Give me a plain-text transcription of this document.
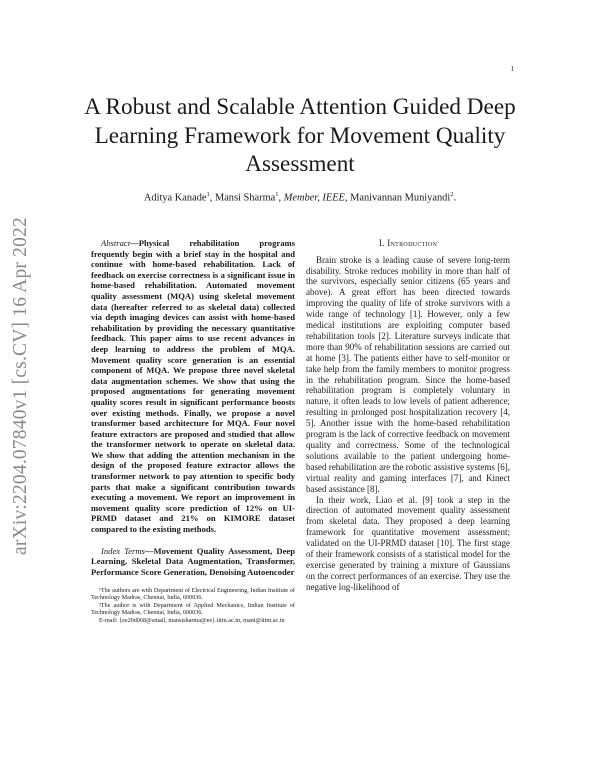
1
arXiv:2204.07840v1 [cs.CV] 16 Apr 2022
A Robust and Scalable Attention Guided Deep Learning Framework for Movement Quality Assessment

Aditya Kanade$^1$, Mansi Sharma$^1$, Member, IEEE, Manivannan Muniyandi$^2$.

Abstract—Physical rehabilitation programs frequently begin with a brief stay in the hospital and continue with home-based rehabilitation. Lack of feedback on exercise correctness is a significant issue in home-based rehabilitation. Automated movement quality assessment (MQA) using skeletal movement data (hereafter referred to as skeletal data) collected via depth imaging devices can assist with home-based rehabilitation by providing the necessary quantitative feedback. This paper aims to use recent advances in deep learning to address the problem of MQA. Movement quality score generation is an essential component of MQA. We propose three novel skeletal data augmentation schemes. We show that using the proposed augmentations for generating movement quality scores result in significant performance boosts over existing methods. Finally, we propose a novel transformer based architecture for MQA. Four novel feature extractors are proposed and studied that allow the transformer network to operate on skeletal data. We show that adding the attention mechanism in the design of the proposed feature extractor allows the transformer network to pay attention to specific body parts that make a significant contribution towards executing a movement. We report an improvement in movement quality score prediction of 12% on UI-PRMD dataset and 21% on KIMORE dataset compared to the existing methods.

Index Terms—Movement Quality Assessment, Deep Learning, Skeletal Data Augmentation, Transformer, Performance Score Generation, Denoising Autoencoder

¹The authors are with Department of Electrical Engineering, Indian Institute of Technology Madras, Chennai, India, 600036.

²The author is with Department of Applied Mechanics, Indian Institute of Technology Madras, Chennai, India, 600036.

E-mail: {ee20d068@smail, mansisharma@ee}.iitm.ac.in, mani@iitm.ac.in

I. Introduction

Brain stroke is a leading cause of severe long-term disability. Stroke reduces mobility in more than half of the survivors, especially senior citizens (65 years and above). A great effort has been directed towards improving the quality of life of stroke survivors with a wide range of technology [1]. However, only a few medical institutions are exploiting computer based rehabilitation tools [2]. Literature surveys indicate that more than 90% of rehabilitation sessions are carried out at home [3]. The patients either have to self-monitor or take help from the family members to monitor progress in the rehabilitation program. Since the home-based rehabilitation program is completely voluntary in nature, it often leads to low levels of patient adherence; resulting in prolonged post hospitalization recovery [4, 5]. Another issue with the home-based rehabilitation program is the lack of corrective feedback on movement quality and correctness. Some of the technological solutions available to the patient undergoing home-based rehabilitation are the robotic assistive systems [6], virtual reality and gaming interfaces [7], and Kinect based assistance [8].

In their work, Liao et al. [9] took a step in the direction of automated movement quality assessment from skeletal data. They proposed a deep learning framework for quantitative movement assessment; validated on the UI-PRMD dataset [10]. The first stage of their framework consists of a statistical model for the exercise generated by training a mixture of Gaussians on the correct performances of an exercise. They use the negative log-likelihood of
